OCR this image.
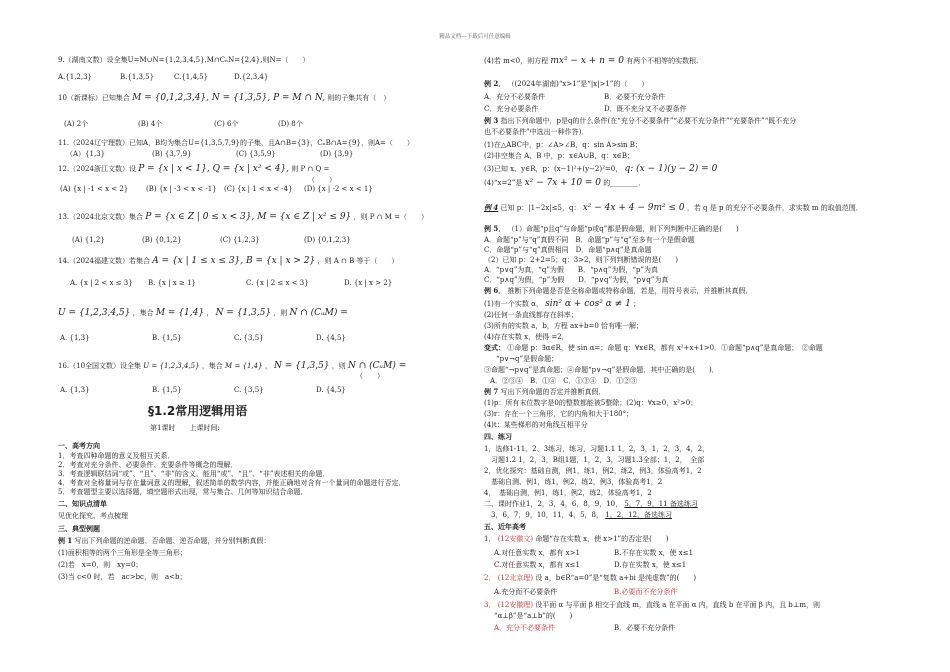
精品文档---下载后可任意编辑
9.（湖南文数）设全集U=M∪N={1,2,3,4,5},M∩CₙN={2,4},则N=（　　）
A.{1,2,3}	B.{1,3,5}	C.{1,4,5}	D.{2,3,4}
10（新课标）已知集合 M = {0,1,2,3,4}, N = {1,3,5}, P = M ∩ N, 则的子集共有（　）
(A) 2个	(B) 4个	(C) 6个	(D) 8个
11.（2024辽宁理数）已知A，B均为集合U={1,3,5,7,9}的子集，且A∩B={3}，CₙB∩A={9}，则A=（　　）
（A）{1,3}	(B) {3,7,9}	(C) {3,5,9}	(D) {3,9}
12.（2024浙江文数）设 P = {x | x < 1}, Q = {x | x² < 4}, 则 P ∩ Q =
（　　）
(A) {x | -1 < x < 2}	(B) {x | -3 < x < -1} (C) {x | 1 < x < -4} (D) {x | -2 < x < 1}
13.（2024北京文数）集合 P = {x ∈ Z | 0 ≤ x < 3}, M = {x ∈ Z | x² ≤ 9} ，则 P ∩ M =（　　）
(A) {1,2}	(B) {0,1,2}	(C) {1,2,3}	(D) {0,1,2,3}
14.（2024福建文数）若集合 A = {x | 1 ≤ x ≤ 3}, B = {x | x > 2} ，则 A ∩ B 等于（　　）
A. {x | 2 < x ≤ 3} B. {x | x ≥ 1}	C. {x | 2 ≤ x < 3}	D. {x | x > 2}
U = {1,2,3,4,5} ，集合 M = {1,4} ， N = {1,3,5} ，则 N ∩ (CᵤM) =
A. {1,3}	B. {1,5}	C. {3,5}	D. {4,5}
16.（10全国文数）设全集 U = {1,2,3,4,5} ，集合 M = {1,4} ， N = {1,3,5} ，则 N ∩ (CᵤM) =
（　　）
A. {1,3}	B. {1,5}	C. {3,5}	D. {4,5}
§1.2常用逻辑用语
第1课时　　上课时间:
一、高考方向
1．考查四种命题的意义及相互关系．
2．考查对充分条件、必要条件、充要条件等概念的理解．
3．考查逻辑联结词“或”、“且”、“非”的含义，能用“或”、“且”、“非”表述相关的命题．
4．考查对全称量词与存在量词意义的理解，叙述简单的数学内容，并能正确地对含有一个量词的命题进行否定．
5．考查题型主要以选择题，填空题形式出现，常与集合、几何等知识结合命题．
二、知识点清单
见优化探究、考点梳理
三、典型例题
例 1 写出下列命题的逆命题、否命题、逆否命题，并分别判断真假：
(1)面积相等的两个三角形是全等三角形；
(2)若　x=0，则　xy=0；
(3)当 c<0 时，若　ac>bc，则　a<b；
(4)若 m<0，则方程 mx² − x + n = 0 有两个不相等的实数根.
例 2． （(2024年湖南)“x>1”是“|x|>1”的（　　）
A．充分不必要条件	B．必要不充分条件
C．充分必要条件	D．既不充分又不必要条件
例 3 指出下列命题中，p是q的什么条件(在“充分不必要条件”“必要不充分条件”“充要条件”“既不充分
也不必要条件”中选出一种作答)．
(1)在△ABC中，p：∠A>∠B，q：sin A>sin B；
(2)非空集合 A、B 中，p：x∈A∪B，q：x∈B；
(3)已知 x、y∈R，p：(x−1)²+(y−2)²=0， q: (x − 1)(y − 2) = 0
(4)“x=2”是 x² − 7x + 10 = 0 的________．
例 4 已知 p：|1−2x|≤5，q： x² − 4x + 4 − 9m² ≤ 0 ，若 q 是 p 的充分不必要条件，求实数 m 的取值范围．
例 5． （1）命题“p且q”与命题“p或q”都是假命题，则下列判断中正确的是(　　)
A．命题“p”与“q”真假不同　B．命题“p”与“q”至多有一个是假命题
C．命题“p”与“q”真假相同　D．命题“p∧q”是真命题
（2）已知 p：2+2=5；q：3>2，则下列判断错误的是(　　)
A．“p∨q”为真，“q”为假　　B．“p∧q”为假，“p”为真
C．“p∧q”为假，“p”为假　　D．“p∨q”为假，“p∨q”为真
例 6． 推断下列命题是否是全称命题或特称命题，若是，用符号表示，并推断其真假．
(1)有一个实数 α， sin² α + cos² α ≠ 1 ；
(2)任何一条直线都存在斜率；
(3)所有的实数 a，b，方程 ax+b=0 恰有唯一解；
(4)存在实数 x，使得 =2．
变式： ①命题 p：∃α∈R，使 sin α=；命题 q：∀x∈R，都有 x²+x+1>0．①命题“p∧q”是真命题；　②命题
“p∨¬q”是假命题；
③命题“¬p∨q”是真命题；④命题“p∨¬q”是假命题．其中正确的是(　　)．
A．②③④　B．①④　C．①③④　D．①②③
例 7 写出下列命题的否定并推断真假．
(1)p：所有末位数字是0的整数都能被5整除；(2)q：∀x≥0，x²>0；
(3)r：存在一个三角形，它的内角和大于180°；
(4)t：某些梯形的对角线互相平分
四、练习
1，选修1-11、2、3练习，练习，习题1.1 1，2，3，1，2，3，4，2，
　习题1.2 1，2，3，B组1题，1，2，3，习题1.3全部；1，2，　全部
2，优化探究：基础自测，例1，练1，例2，练2，例3，体验高考1，2
　基础自测、例1，练1，例2，练2，例3，体验高考1，2
4，　基础自测，例1，练1，例2，练2，体验高考1，2
二、课时作业1，2，3，4，6，8，9，10， 5，7，9，11 备选练习
　3，6，7，9，10，11，4，5，8， 1，2，12，备选练习
五、近年高考
1． (12安徽文) 命题“存在实数 x，使 x>1”的否定是(　　)
A.对任意实数 x，都有 x>1	B.不存在实数 x，使 x≤1
C.对任意实数 x，都有 x≤1	D.存在实数 x，使 x≤1
2． (12北京理) 设 a，b∈R“a=0”是“复数 a+bi 是纯虚数”的(　　)
A.充分而不必要条件	B.必要而不充分条件
3． (12安徽理) 设平面 α 与平面 β 相交于直线 m，直线 a 在平面 α 内，直线 b 在平面 β 内，且 b⊥m，则
“α⊥β”是“a⊥b”的(　　)
A．充分不必要条件	B．必要不充分条件
